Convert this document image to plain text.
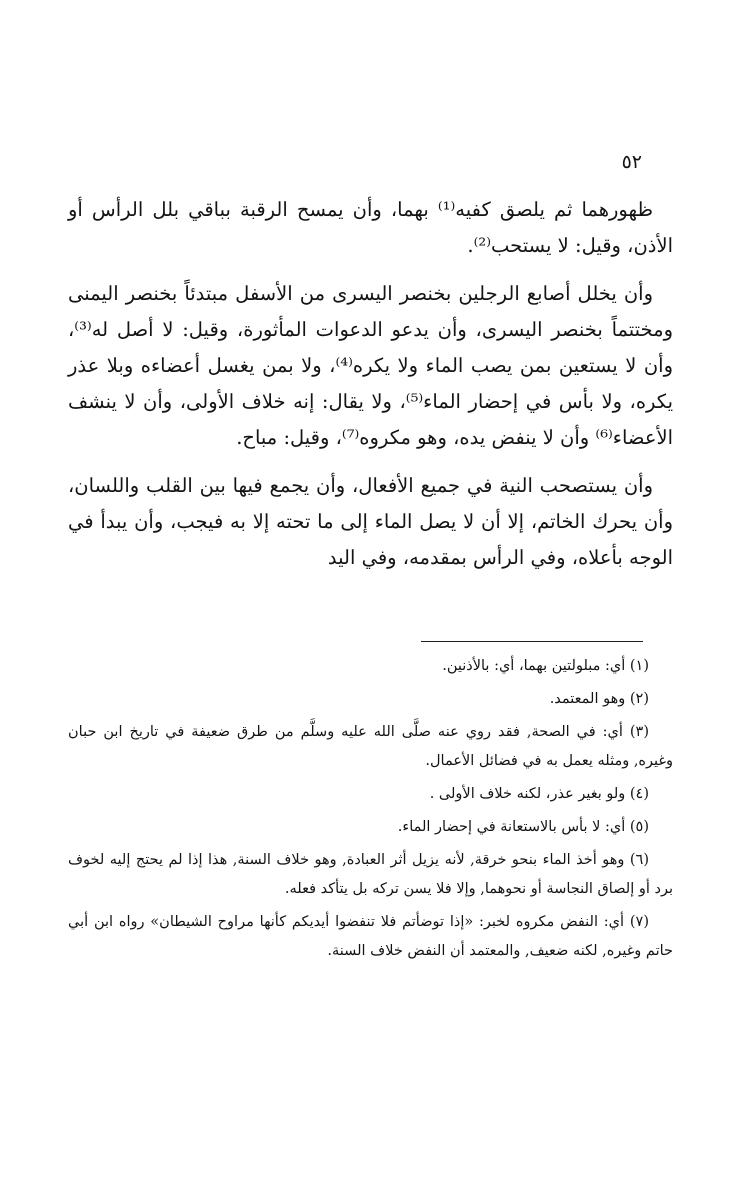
٥٢

ظهورهما ثم يلصق كفيه⁽¹⁾ بهما، وأن يمسح الرقبة بباقي بلل الرأس أو الأذن، وقيل: لا يستحب⁽²⁾.

وأن يخلل أصابع الرجلين بخنصر اليسرى من الأسفل مبتدئاً بخنصر اليمنى ومختتماً بخنصر اليسرى، وأن يدعو الدعوات المأثورة، وقيل: لا أصل له⁽³⁾، وأن لا يستعين بمن يصب الماء ولا يكره⁽⁴⁾، ولا بمن يغسل أعضاءه وبلا عذر يكره، ولا بأس في إحضار الماء⁽⁵⁾، ولا يقال: إنه خلاف الأولى، وأن لا ينشف الأعضاء⁽⁶⁾ وأن لا ينفض يده، وهو مكروه⁽⁷⁾، وقيل: مباح.

وأن يستصحب النية في جميع الأفعال، وأن يجمع فيها بين القلب واللسان، وأن يحرك الخاتم، إلا أن لا يصل الماء إلى ما تحته إلا به فيجب، وأن يبدأ في الوجه بأعلاه، وفي الرأس بمقدمه، وفي اليد

(١) أي: مبلولتين بهما، أي: بالأذنين.

(٢) وهو المعتمد.

(٣) أي: في الصحة, فقد روي عنه صلَّى الله عليه وسلَّم من طرق ضعيفة في تاريخ ابن حبان وغيره, ومثله يعمل به في فضائل الأعمال.

(٤) ولو بغير عذر، لكنه خلاف الأولى .

(٥) أي: لا بأس بالاستعانة في إحضار الماء.

(٦) وهو أخذ الماء بنحو خرقة, لأنه يزيل أثر العبادة, وهو خلاف السنة, هذا إذا لم يحتج إليه لخوف برد أو إلصاق النجاسة أو نحوهما, وإلا فلا يسن تركه بل يتأكد فعله.

(٧) أي: النفض مكروه لخبر: «إذا توضأتم فلا تنفضوا أيديكم كأنها مراوح الشيطان» رواه ابن أبي حاتم وغيره, لكنه ضعيف, والمعتمد أن النفض خلاف السنة.
